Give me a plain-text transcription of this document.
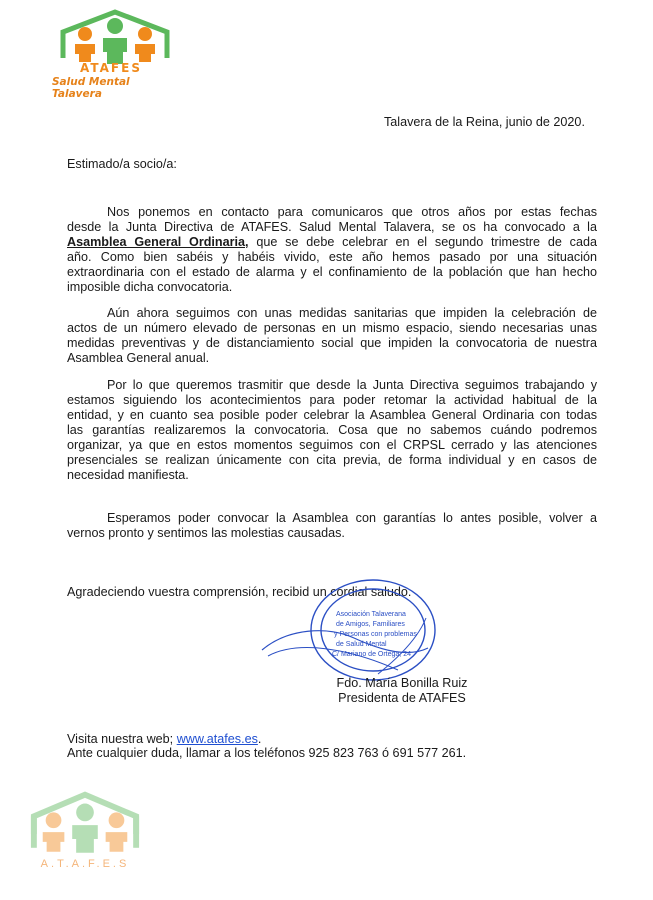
ATAFES
Salud Mental Talavera
Talavera de la Reina, junio de 2020.
Estimado/a socio/a:
Nos ponemos en contacto para comunicaros que otros años por estas fechas
desde la Junta Directiva de ATAFES. Salud Mental Talavera, se os ha convocado a la
Asamblea General Ordinaria, que se debe celebrar en el segundo trimestre de cada
año. Como bien sabéis y habéis vivido, este año hemos pasado por una situación
extraordinaria con el estado de alarma y el confinamiento de la población que han hecho
imposible dicha convocatoria.
Aún ahora seguimos con unas medidas sanitarias que impiden la celebración de
actos de un número elevado de personas en un mismo espacio, siendo necesarias unas
medidas preventivas y de distanciamiento social que impiden la convocatoria de nuestra
Asamblea General anual.
Por lo que queremos trasmitir que desde la Junta Directiva seguimos trabajando y
estamos siguiendo los acontecimientos para poder retomar la actividad habitual de la
entidad, y en cuanto sea posible poder celebrar la Asamblea General Ordinaria con todas
las garantías realizaremos la convocatoria. Cosa que no sabemos cuándo podremos
organizar, ya que en estos momentos seguimos con el CRPSL cerrado y las atenciones
presenciales se realizan únicamente con cita previa, de forma individual y en casos de
necesidad manifiesta.
Esperamos poder convocar la Asamblea con garantías lo antes posible, volver a
vernos pronto y sentimos las molestias causadas.
Agradeciendo vuestra comprensión, recibid un cordial saludo.
Asociación Talaverana
de Amigos, Familiares
y Personas con problemas
de Salud Mental
C/ Mariano de Ortega, 24
Fdo. María Bonilla Ruiz
Presidenta de ATAFES
Visita nuestra web; www.atafes.es.
Ante cualquier duda, llamar a los teléfonos 925 823 763 ó 691 577 261.
A.T.A.F.E.S
